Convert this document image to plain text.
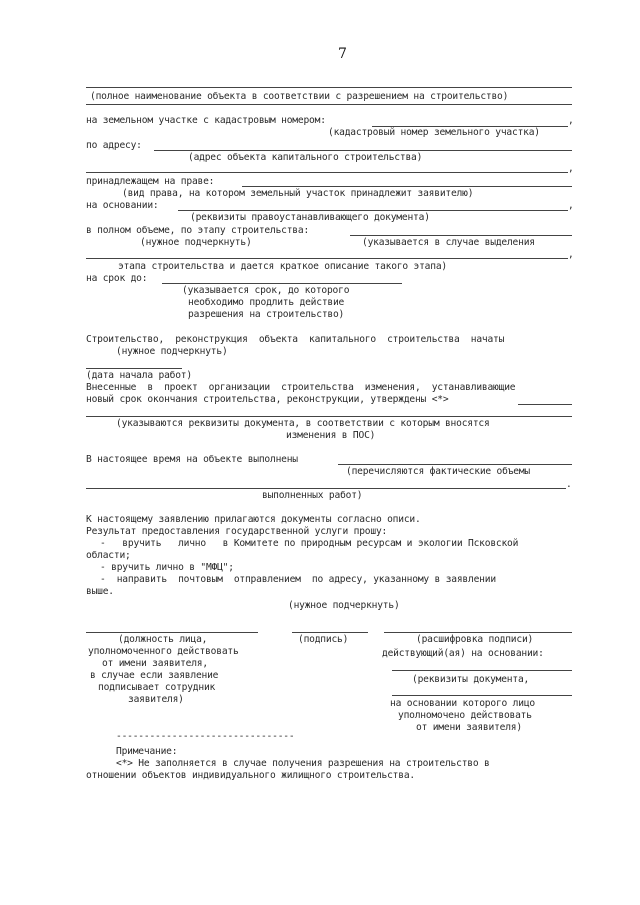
7
(полное наименование объекта в соответствии с разрешением на строительство)
на земельном участке с кадастровым номером:	,
(кадастровый номер земельного участка)
по адресу:
(адрес объекта капитального строительства)
,
принадлежащем на праве:
(вид права, на котором земельный участок принадлежит заявителю)
на основании:	,
(реквизиты правоустанавливающего документа)
в полном объеме, по этапу строительства:
(нужное подчеркнуть)	(указывается в случае выделения
,
этапа строительства и дается краткое описание такого этапа)
на срок до:
(указывается срок, до которого
необходимо продлить действие
разрешения на строительство)
Строительство,  реконструкция  объекта  капитального  строительства  начаты
(нужное подчеркнуть)
(дата начала работ)
Внесенные  в  проект  организации  строительства  изменения,  устанавливающие
новый срок окончания строительства, реконструкции, утверждены <*>
(указываются реквизиты документа, в соответствии с которым вносятся
изменения в ПОС)
В настоящее время на объекте выполнены
(перечисляются фактические объемы
.
выполненных работ)
К настоящему заявлению прилагаются документы согласно описи.
Результат предоставления государственной услуги прошу:
-   вручить   лично   в Комитете по природным ресурсам и экологии Псковской
области;
- вручить лично в "МФЦ";
-  направить  почтовым  отправлением  по адресу, указанному в заявлении
выше.
(нужное подчеркнуть)
(должность лица,
уполномоченного действовать
от имени заявителя,
в случае если заявление
подписывает сотрудник
заявителя)
(подпись)	(расшифровка подписи)
действующий(ая) на основании:
(реквизиты документа,
на основании которого лицо
уполномочено действовать
от имени заявителя)
--------------------------------
Примечание:
<*> Не заполняется в случае получения разрешения на строительство в
отношении объектов индивидуального жилищного строительства.
